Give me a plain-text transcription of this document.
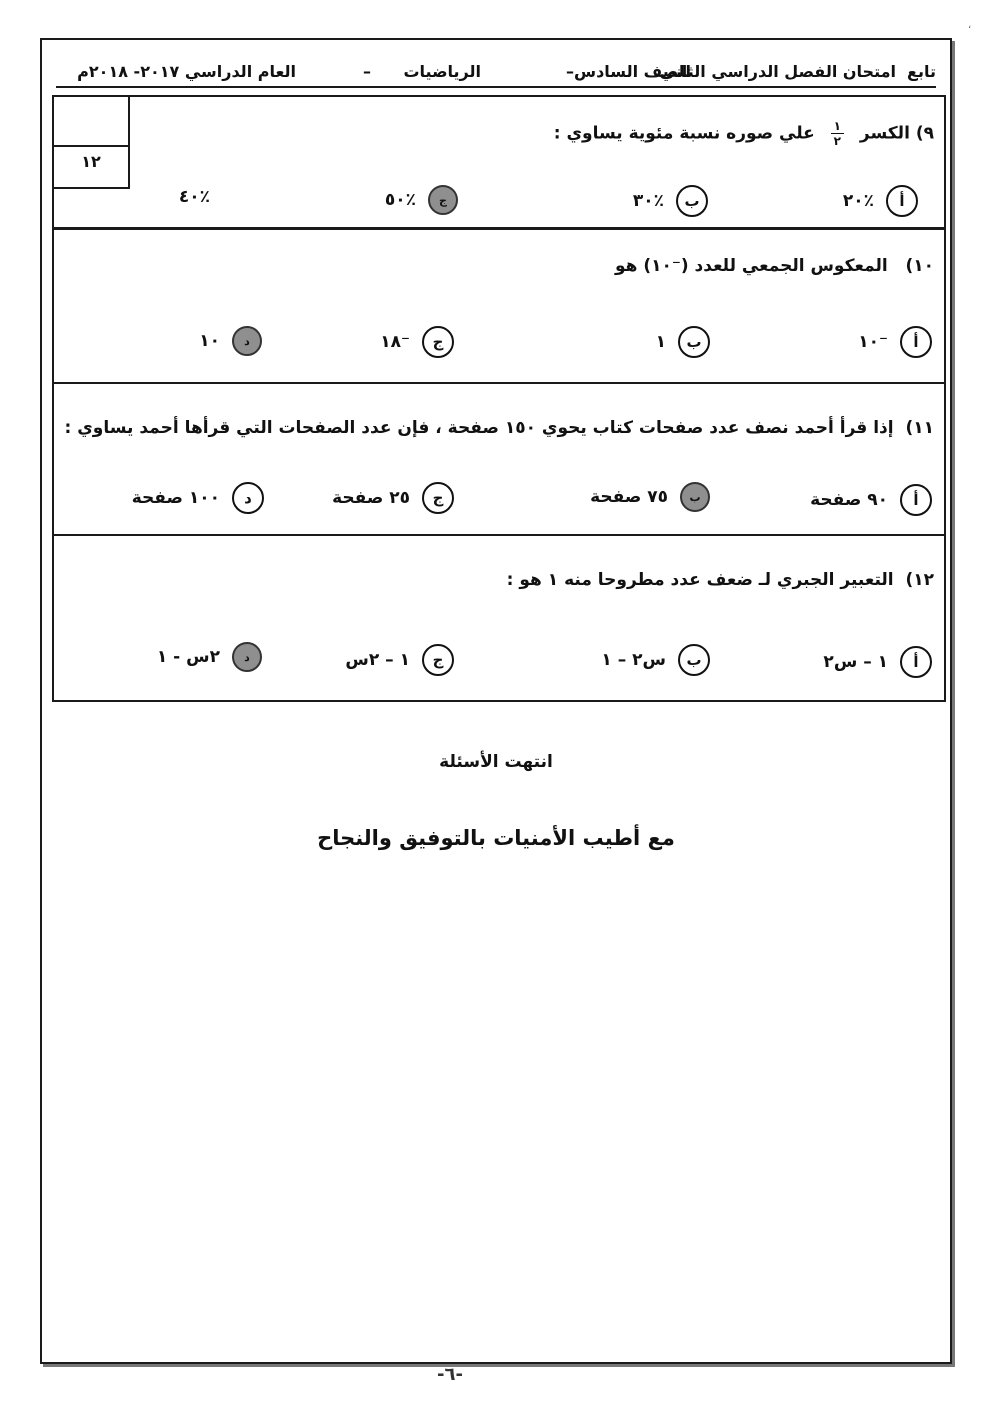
،
تابع
امتحان الفصل الدراسي الثاني
للصف السادس–
الرياضيات
–
العام الدراسي ٢٠١٧- ٢٠١٨م
١٢
٩) الكسر
$\frac{١}{٢}$
علي صوره نسبة مئوية يساوي :
أ
٪٢٠
ب
٪٣٠
ج
٪٥٠
٪٤٠
١٠)   المعكوس الجمعي للعدد (⁻١٠) هو
أ
⁻١٠
ب
١
ج
⁻١٨
د
١٠
١١)  إذا قرأ أحمد نصف عدد صفحات كتاب يحوي ١٥٠ صفحة ، فإن عدد الصفحات التي قرأها أحمد يساوي :
أ
٩٠ صفحة
ب
٧٥ صفحة
ج
٢٥ صفحة
د
١٠٠ صفحة
١٢)  التعبير الجبري لـ ضعف عدد مطروحا منه ١ هو :
أ
١ – س٢
ب
س٢ – ١
ج
١ – ٢س
د
٢س - ١
انتهت الأسئلة
مع أطيب الأمنيات بالتوفيق والنجاح
-٦-
